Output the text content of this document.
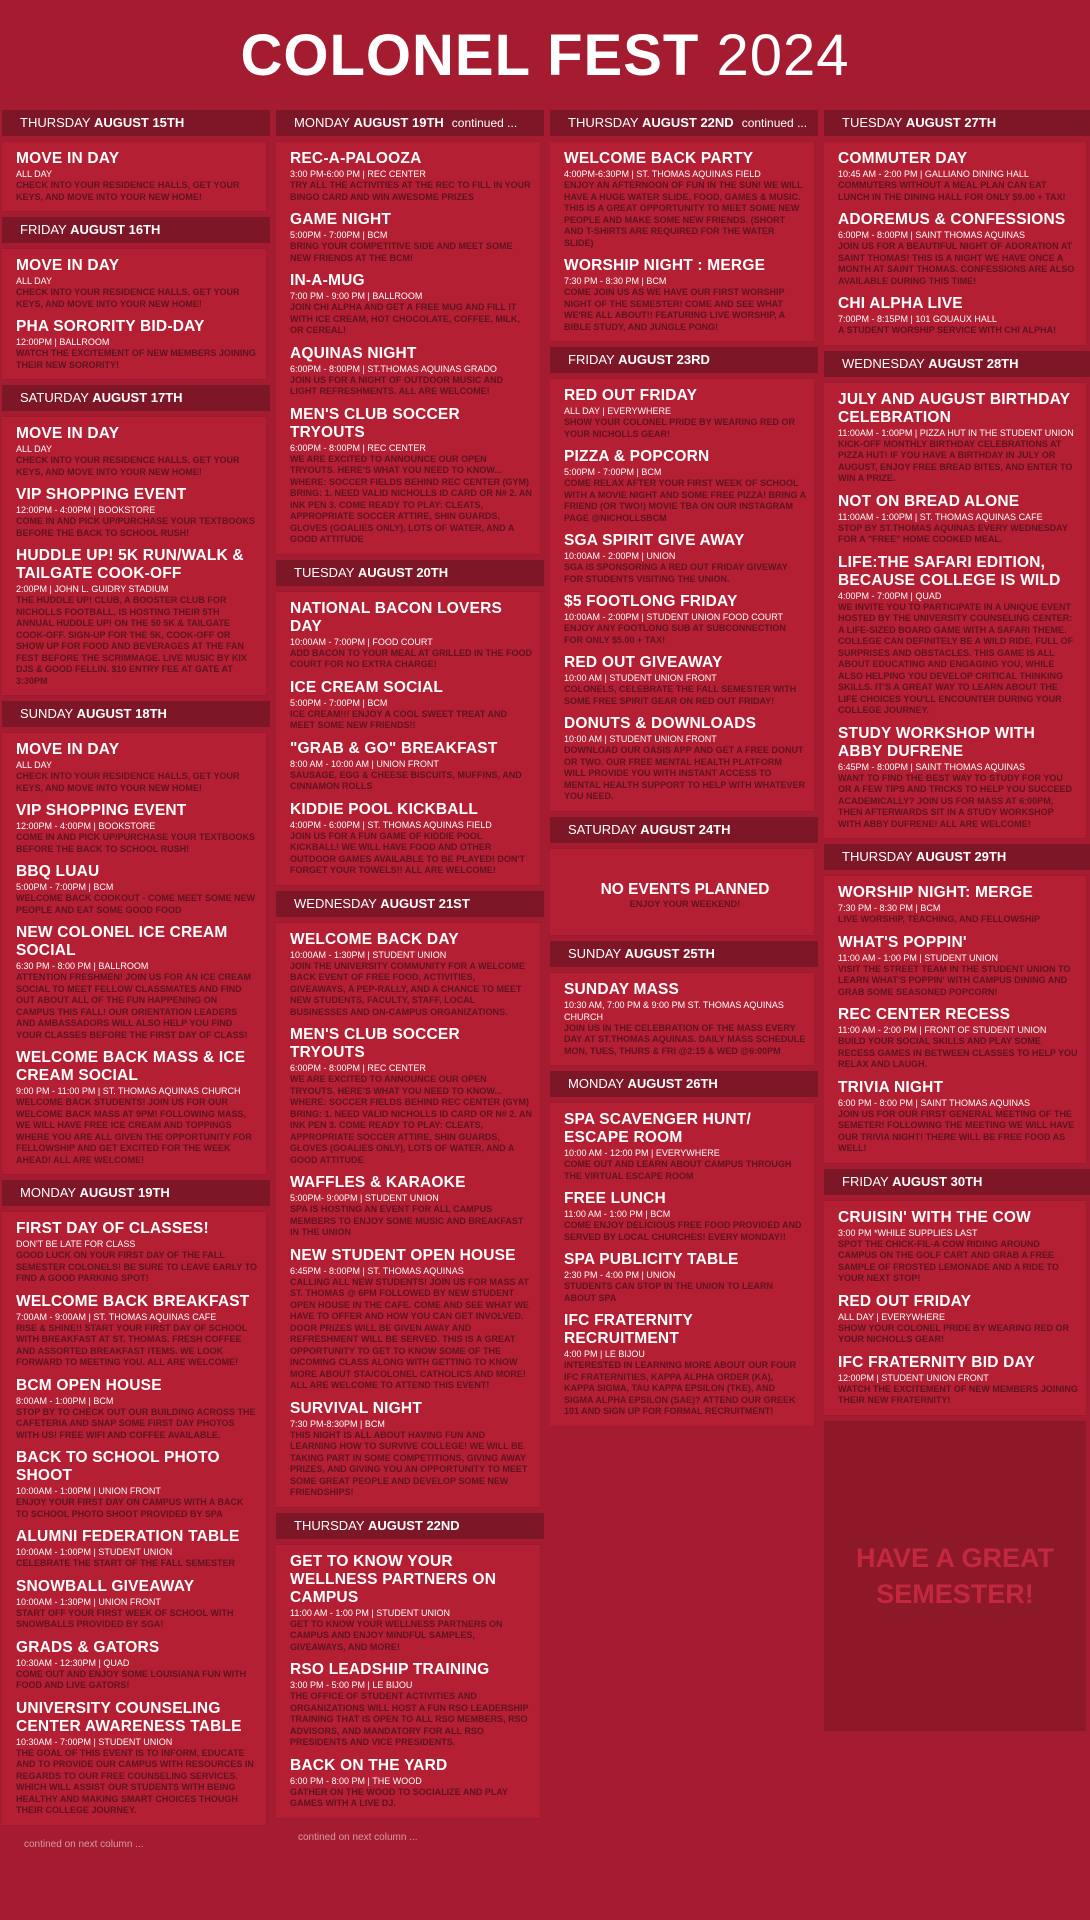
COLONEL FEST 2024
THURSDAY AUGUST 15TH
MOVE IN DAY
ALL DAY
CHECK INTO YOUR RESIDENCE HALLS, GET YOUR KEYS, AND MOVE INTO YOUR NEW HOME!
FRIDAY AUGUST 16TH
MOVE IN DAY
ALL DAY
CHECK INTO YOUR RESIDENCE HALLS, GET YOUR KEYS, AND MOVE INTO YOUR NEW HOME!
PHA SORORITY BID-DAY
12:00PM | BALLROOM
WATCH THE EXCITEMENT OF NEW MEMBERS JOINING THEIR NEW SORORITY!
SATURDAY AUGUST 17TH
MOVE IN DAY
ALL DAY
CHECK INTO YOUR RESIDENCE HALLS, GET YOUR KEYS, AND MOVE INTO YOUR NEW HOME!
VIP SHOPPING EVENT
12:00PM - 4:00PM | BOOKSTORE
COME IN AND PICK UP/PURCHASE YOUR TEXTBOOKS BEFORE THE BACK TO SCHOOL RUSH!
HUDDLE UP! 5K RUN/WALK & TAILGATE COOK-OFF
2:00PM | JOHN L. GUIDRY STADIUM
THE HUDDLE UP! CLUB, A BOOSTER CLUB FOR NICHOLLS FOOTBALL, IS HOSTING THEIR 5TH ANNUAL HUDDLE UP! ON THE 50 5K & TAILGATE COOK-OFF. SIGN-UP FOR THE 5K, COOK-OFF OR SHOW UP FOR FOOD AND BEVERAGES AT THE FAN FEST BEFORE THE SCRIMMAGE. LIVE MUSIC BY KIX DJS & GOOD FELLIN. $10 ENTRY FEE AT GATE AT 3:30PM
SUNDAY AUGUST 18TH
MOVE IN DAY
ALL DAY
CHECK INTO YOUR RESIDENCE HALLS, GET YOUR KEYS, AND MOVE INTO YOUR NEW HOME!
VIP SHOPPING EVENT
12:00PM - 4:00PM | BOOKSTORE
COME IN AND PICK UP/PURCHASE YOUR TEXTBOOKS BEFORE THE BACK TO SCHOOL RUSH!
BBQ LUAU
5:00PM - 7:00PM | BCM
WELCOME BACK COOKOUT - COME MEET SOME NEW PEOPLE AND EAT SOME GOOD FOOD
NEW COLONEL ICE CREAM SOCIAL
6:30 PM - 8:00 PM | BALLROOM
ATTENTION FRESHMEN! JOIN US FOR AN ICE CREAM SOCIAL TO MEET FELLOW CLASSMATES AND FIND OUT ABOUT ALL OF THE FUN HAPPENING ON CAMPUS THIS FALL! OUR ORIENTATION LEADERS AND AMBASSADORS WILL ALSO HELP YOU FIND YOUR CLASSES BEFORE THE FIRST DAY OF CLASS!
WELCOME BACK MASS & ICE CREAM SOCIAL
9:00 PM - 11:00 PM | ST. THOMAS AQUINAS CHURCH
WELCOME BACK STUDENTS! JOIN US FOR OUR WELCOME BACK MASS AT 9PM! FOLLOWING MASS, WE WILL HAVE FREE ICE CREAM AND TOPPINGS WHERE YOU ARE ALL GIVEN THE OPPORTUNITY FOR FELLOWSHIP AND GET EXCITED FOR THE WEEK AHEAD! ALL ARE WELCOME!
MONDAY AUGUST 19TH
FIRST DAY OF CLASSES!
DON'T BE LATE FOR CLASS
GOOD LUCK ON YOUR FIRST DAY OF THE FALL SEMESTER COLONELS! BE SURE TO LEAVE EARLY TO FIND A GOOD PARKING SPOT!
WELCOME BACK BREAKFAST
7:00AM - 9:00AM | ST. THOMAS AQUINAS CAFE
RISE & SHINE!! START YOUR FIRST DAY OF SCHOOL WITH BREAKFAST AT ST. THOMAS. FRESH COFFEE AND ASSORTED BREAKFAST ITEMS. WE LOOK FORWARD TO MEETING YOU. ALL ARE WELCOME!
BCM OPEN HOUSE
8:00AM - 1:00PM | BCM
STOP BY TO CHECK OUT OUR BUILDING ACROSS THE CAFETERIA AND SNAP SOME FIRST DAY PHOTOS WITH US! FREE WIFI AND COFFEE AVAILABLE.
BACK TO SCHOOL PHOTO SHOOT
10:00AM - 1:00PM | UNION FRONT
ENJOY YOUR FIRST DAY ON CAMPUS WITH A BACK TO SCHOOL PHOTO SHOOT PROVIDED BY SPA
ALUMNI FEDERATION TABLE
10:00AM - 1:00PM | STUDENT UNION
CELEBRATE THE START OF THE FALL SEMESTER
SNOWBALL GIVEAWAY
10:00AM - 1:30PM | UNION FRONT
START OFF YOUR FIRST WEEK OF SCHOOL WITH SNOWBALLS PROVIDED BY SGA!
GRADS & GATORS
10:30AM - 12:30PM | QUAD
COME OUT AND ENJOY SOME LOUISIANA FUN WITH FOOD AND LIVE GATORS!
UNIVERSITY COUNSELING CENTER AWARENESS TABLE
10:30AM - 7:00PM | STUDENT UNION
THE GOAL OF THIS EVENT IS TO INFORM, EDUCATE AND TO PROVIDE OUR CAMPUS WITH RESOURCES IN REGARDS TO OUR FREE COUNSELING SERVICES. WHICH WILL ASSIST OUR STUDENTS WITH BEING HEALTHY AND MAKING SMART CHOICES THOUGH THEIR COLLEGE JOURNEY.
contined on next column ...
MONDAY AUGUST 19TH continued ...
REC-A-PALOOZA
3:00 PM-6:00 PM | REC CENTER
TRY ALL THE ACTIVITIES AT THE REC TO FILL IN YOUR BINGO CARD AND WIN AWESOME PRIZES
GAME NIGHT
5:00PM - 7:00PM | BCM
BRING YOUR COMPETITIVE SIDE AND MEET SOME NEW FRIENDS AT THE BCM!
IN-A-MUG
7:00 PM - 9:00 PM | BALLROOM
JOIN CHI ALPHA AND GET A FREE MUG AND FILL IT WITH ICE CREAM, HOT CHOCOLATE, COFFEE, MILK, OR CEREAL!
AQUINAS NIGHT
6:00PM - 8:00PM | ST.THOMAS AQUINAS GRADO
JOIN US FOR A NIGHT OF OUTDOOR MUSIC AND LIGHT REFRESHMENTS. ALL ARE WELCOME!
MEN'S CLUB SOCCER TRYOUTS
6:00PM - 8:00PM | REC CENTER
WE ARE EXCITED TO ANNOUNCE OUR OPEN TRYOUTS. HERE'S WHAT YOU NEED TO KNOW... WHERE: SOCCER FIELDS BEHIND REC CENTER (GYM) BRING: 1. NEED VALID NICHOLLS ID CARD OR N# 2. AN INK PEN 3. COME READY TO PLAY: CLEATS, APPROPRIATE SOCCER ATTIRE, SHIN GUARDS, GLOVES (GOALIES ONLY), LOTS OF WATER, AND A GOOD ATTITUDE
TUESDAY AUGUST 20TH
NATIONAL BACON LOVERS DAY
10:00AM - 7:00PM | FOOD COURT
ADD BACON TO YOUR MEAL AT GRILLED IN THE FOOD COURT FOR NO EXTRA CHARGE!
ICE CREAM SOCIAL
5:00PM - 7:00PM | BCM
ICE CREAM!!! ENJOY A COOL SWEET TREAT AND MEET SOME NEW FRIENDS!!
"GRAB & GO" BREAKFAST
8:00 AM - 10:00 AM | UNION FRONT
SAUSAGE, EGG & CHEESE BISCUITS, MUFFINS, AND CINNAMON ROLLS
KIDDIE POOL KICKBALL
4:00PM - 6:00PM | ST. THOMAS AQUINAS FIELD
JOIN US FOR A FUN GAME OF KIDDIE POOL KICKBALL! WE WILL HAVE FOOD AND OTHER OUTDOOR GAMES AVAILABLE TO BE PLAYED! DON'T FORGET YOUR TOWELS!! ALL ARE WELCOME!
WEDNESDAY AUGUST 21ST
WELCOME BACK DAY
10:00AM - 1:30PM | STUDENT UNION
JOIN THE UNIVERSITY COMMUNITY FOR A WELCOME BACK EVENT OF FREE FOOD, ACTIVITIES, GIVEAWAYS, A PEP-RALLY, AND A CHANCE TO MEET NEW STUDENTS, FACULTY, STAFF, LOCAL BUSINESSES AND ON-CAMPUS ORGANIZATIONS.
MEN'S CLUB SOCCER TRYOUTS
6:00PM - 8:00PM | REC CENTER
WE ARE EXCITED TO ANNOUNCE OUR OPEN TRYOUTS. HERE'S WHAT YOU NEED TO KNOW... WHERE: SOCCER FIELDS BEHIND REC CENTER (GYM) BRING: 1. NEED VALID NICHOLLS ID CARD OR N# 2. AN INK PEN 3. COME READY TO PLAY: CLEATS, APPROPRIATE SOCCER ATTIRE, SHIN GUARDS, GLOVES (GOALIES ONLY), LOTS OF WATER, AND A GOOD ATTITUDE
WAFFLES & KARAOKE
5:00PM- 9:00PM | STUDENT UNION
SPA IS HOSTING AN EVENT FOR ALL CAMPUS MEMBERS TO ENJOY SOME MUSIC AND BREAKFAST IN THE UNION
NEW STUDENT OPEN HOUSE
6:45PM - 8:00PM | ST. THOMAS AQUINAS
CALLING ALL NEW STUDENTS! JOIN US FOR MASS AT ST. THOMAS @ 6PM FOLLOWED BY NEW STUDENT OPEN HOUSE IN THE CAFE. COME AND SEE WHAT WE HAVE TO OFFER AND HOW YOU CAN GET INVOLVED. DOOR PRIZES WILL BE GIVEN AWAY AND REFRESHMENT WILL BE SERVED. THIS IS A GREAT OPPORTUNITY TO GET TO KNOW SOME OF THE INCOMING CLASS ALONG WITH GETTING TO KNOW MORE ABOUT STA/COLONEL CATHOLICS AND MORE! ALL ARE WELCOME TO ATTEND THIS EVENT!
SURVIVAL NIGHT
7:30 PM-8:30PM | BCM
THIS NIGHT IS ALL ABOUT HAVING FUN AND LEARNING HOW TO SURVIVE COLLEGE! WE WILL BE TAKING PART IN SOME COMPETITIONS, GIVING AWAY PRIZES, AND GIVING YOU AN OPPORTUNITY TO MEET SOME GREAT PEOPLE AND DEVELOP SOME NEW FRIENDSHIPS!
THURSDAY AUGUST 22ND
GET TO KNOW YOUR WELLNESS PARTNERS ON CAMPUS
11:00 AM - 1:00 PM | STUDENT UNION
GET TO KNOW YOUR WELLNESS PARTNERS ON CAMPUS AND ENJOY MINDFUL SAMPLES, GIVEAWAYS, AND MORE!
RSO LEADSHIP TRAINING
3:00 PM - 5:00 PM | LE BIJOU
THE OFFICE OF STUDENT ACTIVITIES AND ORGANIZATIONS WILL HOST A FUN RSO LEADERSHIP TRAINING THAT IS OPEN TO ALL RSO MEMBERS, RSO ADVISORS, AND MANDATORY FOR ALL RSO PRESIDENTS AND VICE PRESIDENTS.
BACK ON THE YARD
6:00 PM - 8:00 PM | THE WOOD
GATHER ON THE WOOD TO SOCIALIZE AND PLAY GAMES WITH A LIVE DJ.
contined on next column ...
THURSDAY AUGUST 22ND continued ...
WELCOME BACK PARTY
4:00PM-6:30PM | ST. THOMAS AQUINAS FIELD
ENJOY AN AFTERNOON OF FUN IN THE SUN! WE WILL HAVE A HUGE WATER SLIDE, FOOD, GAMES & MUSIC. THIS IS A GREAT OPPORTUNITY TO MEET SOME NEW PEOPLE AND MAKE SOME NEW FRIENDS. (SHORT AND T-SHIRTS ARE REQUIRED FOR THE WATER SLIDE)
WORSHIP NIGHT : MERGE
7:30 PM - 8:30 PM | BCM
COME JOIN US AS WE HAVE OUR FIRST WORSHIP NIGHT OF THE SEMESTER! COME AND SEE WHAT WE'RE ALL ABOUT!! FEATURING LIVE WORSHIP, A BIBLE STUDY, AND JUNGLE PONG!
FRIDAY AUGUST 23RD
RED OUT FRIDAY
ALL DAY | EVERYWHERE
SHOW YOUR COLONEL PRIDE BY WEARING RED OR YOUR NICHOLLS GEAR!
PIZZA & POPCORN
5:00PM - 7:00PM | BCM
COME RELAX AFTER YOUR FIRST WEEK OF SCHOOL WITH A MOVIE NIGHT AND SOME FREE PIZZA! BRING A FRIEND (OR TWO!) MOVIE TBA ON OUR INSTAGRAM PAGE @NICHOLLSBCM
SGA SPIRIT GIVE AWAY
10:00AM - 2:00PM | UNION
SGA IS SPONSORING A RED OUT FRIDAY GIVEWAY FOR STUDENTS VISITING THE UNION.
$5 FOOTLONG FRIDAY
10:00AM - 2:00PM | STUDENT UNION FOOD COURT
ENJOY ANY FOOTLONG SUB AT SUBCONNECTION FOR ONLY $5.00 + TAX!
RED OUT GIVEAWAY
10:00 AM | STUDENT UNION FRONT
COLONELS, CELEBRATE THE FALL SEMESTER WITH SOME FREE SPIRIT GEAR ON RED OUT FRIDAY!
DONUTS & DOWNLOADS
10:00 AM | STUDENT UNION FRONT
DOWNLOAD OUR OASIS APP AND GET A FREE DONUT OR TWO. OUR FREE MENTAL HEALTH PLATFORM WILL PROVIDE YOU WITH INSTANT ACCESS TO MENTAL HEALTH SUPPORT TO HELP WITH WHATEVER YOU NEED.
SATURDAY AUGUST 24TH
NO EVENTS PLANNED
ENJOY YOUR WEEKEND!
SUNDAY AUGUST 25TH
SUNDAY MASS
10:30 AM, 7:00 PM & 9:00 PM ST. THOMAS AQUINAS CHURCH
JOIN US IN THE CELEBRATION OF THE MASS EVERY DAY AT ST.THOMAS AQUINAS. DAILY MASS SCHEDULE MON, TUES, THURS & FRI @2:15 & WED @6:00PM
MONDAY AUGUST 26TH
SPA SCAVENGER HUNT/ ESCAPE ROOM
10:00 AM - 12:00 PM | EVERYWHERE
COME OUT AND LEARN ABOUT CAMPUS THROUGH THE VIRTUAL ESCAPE ROOM
FREE LUNCH
11:00 AM - 1:00 PM | BCM
COME ENJOY DELICIOUS FREE FOOD PROVIDED AND SERVED BY LOCAL CHURCHES! EVERY MONDAY!!
SPA PUBLICITY TABLE
2:30 PM - 4:00 PM | UNION
STUDENTS CAN STOP IN THE UNION TO LEARN ABOUT SPA
IFC FRATERNITY RECRUITMENT
4:00 PM | LE BIJOU
INTERESTED IN LEARNING MORE ABOUT OUR FOUR IFC FRATERNITIES, KAPPA ALPHA ORDER (KA), KAPPA SIGMA, TAU KAPPA EPSILON (TKE), AND SIGMA ALPHA EPSILON (SAE)? ATTEND OUR GREEK 101 AND SIGN UP FOR FORMAL RECRUITMENT!
TUESDAY AUGUST 27TH
COMMUTER DAY
10:45 AM - 2:00 PM | GALLIANO DINING HALL
COMMUTERS WITHOUT A MEAL PLAN CAN EAT LUNCH IN THE DINING HALL FOR ONLY $9.00 + TAX!
ADOREMUS & CONFESSIONS
6:00PM - 8:00PM | SAINT THOMAS AQUINAS
JOIN US FOR A BEAUTIFUL NIGHT OF ADORATION AT SAINT THOMAS! THIS IS A NIGHT WE HAVE ONCE A MONTH AT SAINT THOMAS. CONFESSIONS ARE ALSO AVAILABLE DURING THIS TIME!
CHI ALPHA LIVE
7:00PM - 8:15PM | 101 GOUAUX HALL
A STUDENT WORSHIP SERVICE WITH CHI ALPHA!
WEDNESDAY AUGUST 28TH
JULY AND AUGUST BIRTHDAY CELEBRATION
11:00AM - 1:00PM | PIZZA HUT IN THE STUDENT UNION
KICK-OFF MONTHLY BIRTHDAY CELEBRATIONS AT PIZZA HUT! IF YOU HAVE A BIRTHDAY IN JULY OR AUGUST, ENJOY FREE BREAD BITES, AND ENTER TO WIN A PRIZE.
NOT ON BREAD ALONE
11:00AM - 1:00PM | ST. THOMAS AQUINAS CAFE
STOP BY ST.THOMAS AQUINAS EVERY WEDNESDAY FOR A "FREE" HOME COOKED MEAL.
LIFE:THE SAFARI EDITION, BECAUSE COLLEGE IS WILD
4:00PM - 7:00PM | QUAD
WE INVITE YOU TO PARTICIPATE IN A UNIQUE EVENT HOSTED BY THE UNIVERSITY COUNSELING CENTER: A LIFE-SIZED BOARD GAME WITH A SAFARI THEME. COLLEGE CAN DEFINITELY BE A WILD RIDE, FULL OF SURPRISES AND OBSTACLES. THIS GAME IS ALL ABOUT EDUCATING AND ENGAGING YOU, WHILE ALSO HELPING YOU DEVELOP CRITICAL THINKING SKILLS. IT'S A GREAT WAY TO LEARN ABOUT THE LIFE CHOICES YOU'LL ENCOUNTER DURING YOUR COLLEGE JOURNEY.
STUDY WORKSHOP WITH ABBY DUFRENE
6:45PM - 8:00PM | SAINT THOMAS AQUINAS
WANT TO FIND THE BEST WAY TO STUDY FOR YOU OR A FEW TIPS AND TRICKS TO HELP YOU SUCCEED ACADEMICALLY? JOIN US FOR MASS AT 6:00PM, THEN AFTERWARDS SIT IN A STUDY WORKSHOP WITH ABBY DUFRENE! ALL ARE WELCOME!
THURSDAY AUGUST 29TH
WORSHIP NIGHT: MERGE
7:30 PM - 8:30 PM | BCM
LIVE WORSHIP, TEACHING, AND FELLOWSHIP
WHAT'S POPPIN'
11:00 AM - 1:00 PM | STUDENT UNION
VISIT THE STREET TEAM IN THE STUDENT UNION TO LEARN WHAT'S POPPIN' WITH CAMPUS DINING AND GRAB SOME SEASONED POPCORN!
REC CENTER RECESS
11:00 AM - 2:00 PM | FRONT OF STUDENT UNION
BUILD YOUR SOCIAL SKILLS AND PLAY SOME RECESS GAMES IN BETWEEN CLASSES TO HELP YOU RELAX AND LAUGH.
TRIVIA NIGHT
6:00 PM - 8:00 PM | SAINT THOMAS AQUINAS
JOIN US FOR OUR FIRST GENERAL MEETING OF THE SEMETER! FOLLOWING THE MEETING WE WILL HAVE OUR TRIVIA NIGHT! THERE WILL BE FREE FOOD AS WELL!
FRIDAY AUGUST 30TH
CRUISIN' WITH THE COW
3:00 PM *WHILE SUPPLIES LAST
SPOT THE CHICK-FIL-A COW RIDING AROUND CAMPUS ON THE GOLF CART AND GRAB A FREE SAMPLE OF FROSTED LEMONADE AND A RIDE TO YOUR NEXT STOP!
RED OUT FRIDAY
ALL DAY | EVERYWHERE
SHOW YOUR COLONEL PRIDE BY WEARING RED OR YOUR NICHOLLS GEAR!
IFC FRATERNITY BID DAY
12:00PM | STUDENT UNION FRONT
WATCH THE EXCITEMENT OF NEW MEMBERS JOINING THEIR NEW FRATERNITY!
HAVE A GREAT
SEMESTER!
